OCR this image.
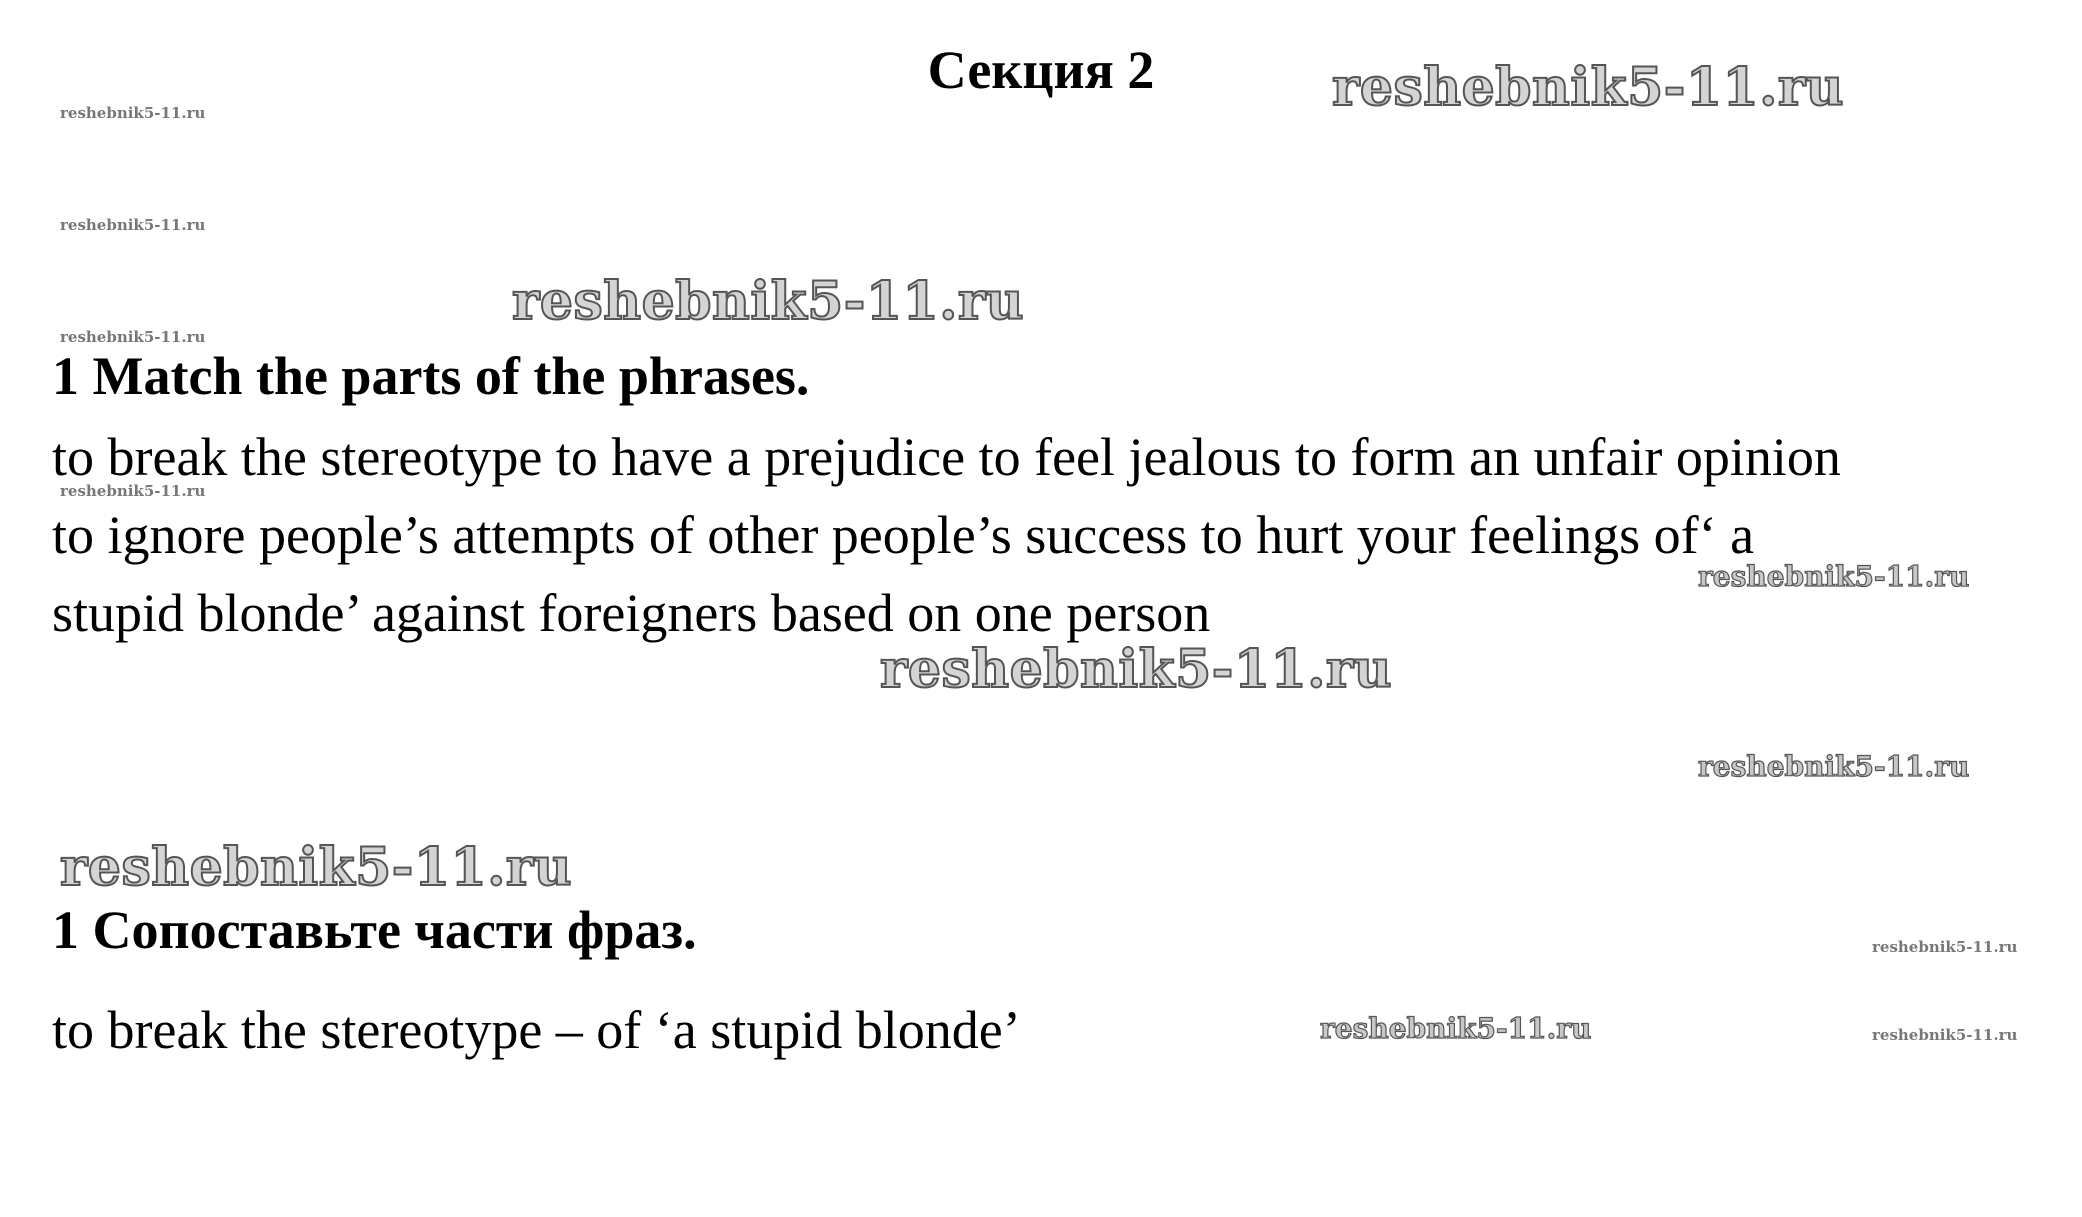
Секция 2
1 Match the parts of the phrases.
to break the stereotype to have a prejudice to feel jealous to form an unfair opinion
to ignore people’s attempts of other people’s success to hurt your feelings of‘ a
stupid blonde’ against foreigners based on one person
1 Сопоставьте части фраз.
to break the stereotype – of ‘a stupid blonde’
reshebnik5-11.ru
reshebnik5-11.ru
reshebnik5-11.ru
reshebnik5-11.ru
reshebnik5-11.ru
reshebnik5-11.ru
reshebnik5-11.ru
reshebnik5-11.ru
reshebnik5-11.ru
reshebnik5-11.ru
reshebnik5-11.ru
reshebnik5-11.ru
reshebnik5-11.ru
